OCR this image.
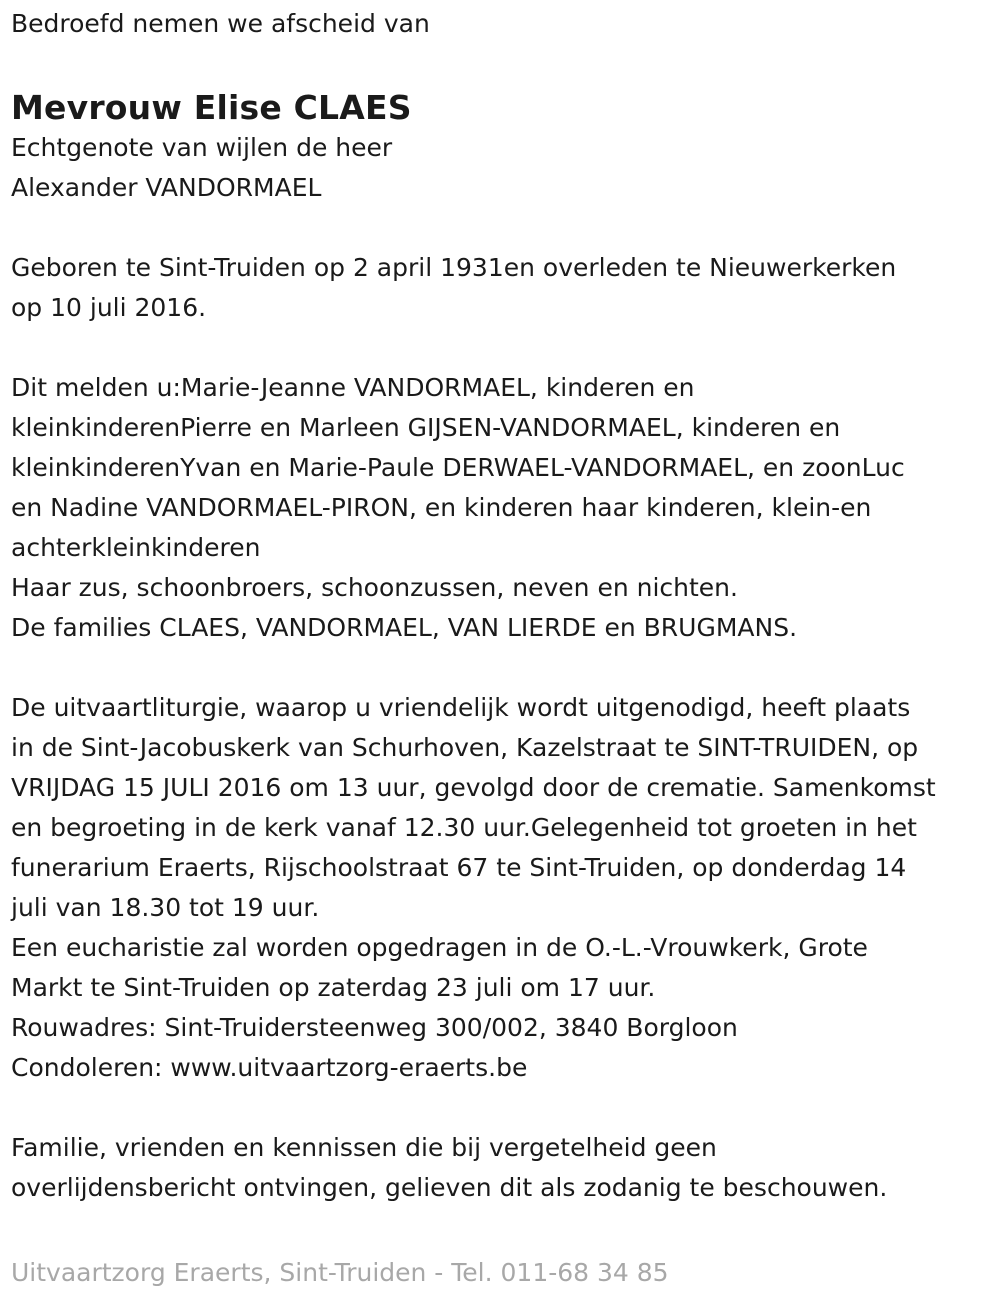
Bedroefd nemen we afscheid van
Mevrouw Elise CLAES
Echtgenote van wijlen de heer
Alexander VANDORMAEL
Geboren te Sint-Truiden op 2 april 1931en overleden te Nieuwerkerken
op 10 juli 2016.
Dit melden u:Marie-Jeanne VANDORMAEL, kinderen en
kleinkinderenPierre en Marleen GIJSEN-VANDORMAEL, kinderen en
kleinkinderenYvan en Marie-Paule DERWAEL-VANDORMAEL, en zoonLuc
en Nadine VANDORMAEL-PIRON, en kinderen haar kinderen, klein-en
achterkleinkinderen
Haar zus, schoonbroers, schoonzussen, neven en nichten.
De families CLAES, VANDORMAEL, VAN LIERDE en BRUGMANS.
De uitvaartliturgie, waarop u vriendelijk wordt uitgenodigd, heeft plaats
in de Sint-Jacobuskerk van Schurhoven, Kazelstraat te SINT-TRUIDEN, op
VRIJDAG 15 JULI 2016 om 13 uur, gevolgd door de crematie. Samenkomst
en begroeting in de kerk vanaf 12.30 uur.Gelegenheid tot groeten in het
funerarium Eraerts, Rijschoolstraat 67 te Sint-Truiden, op donderdag 14
juli van 18.30 tot 19 uur.
Een eucharistie zal worden opgedragen in de O.-L.-Vrouwkerk, Grote
Markt te Sint-Truiden op zaterdag 23 juli om 17 uur.
Rouwadres: Sint-Truidersteenweg 300/002, 3840 Borgloon
Condoleren: www.uitvaartzorg-eraerts.be
Familie, vrienden en kennissen die bij vergetelheid geen
overlijdensbericht ontvingen, gelieven dit als zodanig te beschouwen.
Uitvaartzorg Eraerts, Sint-Truiden - Tel. 011-68 34 85
